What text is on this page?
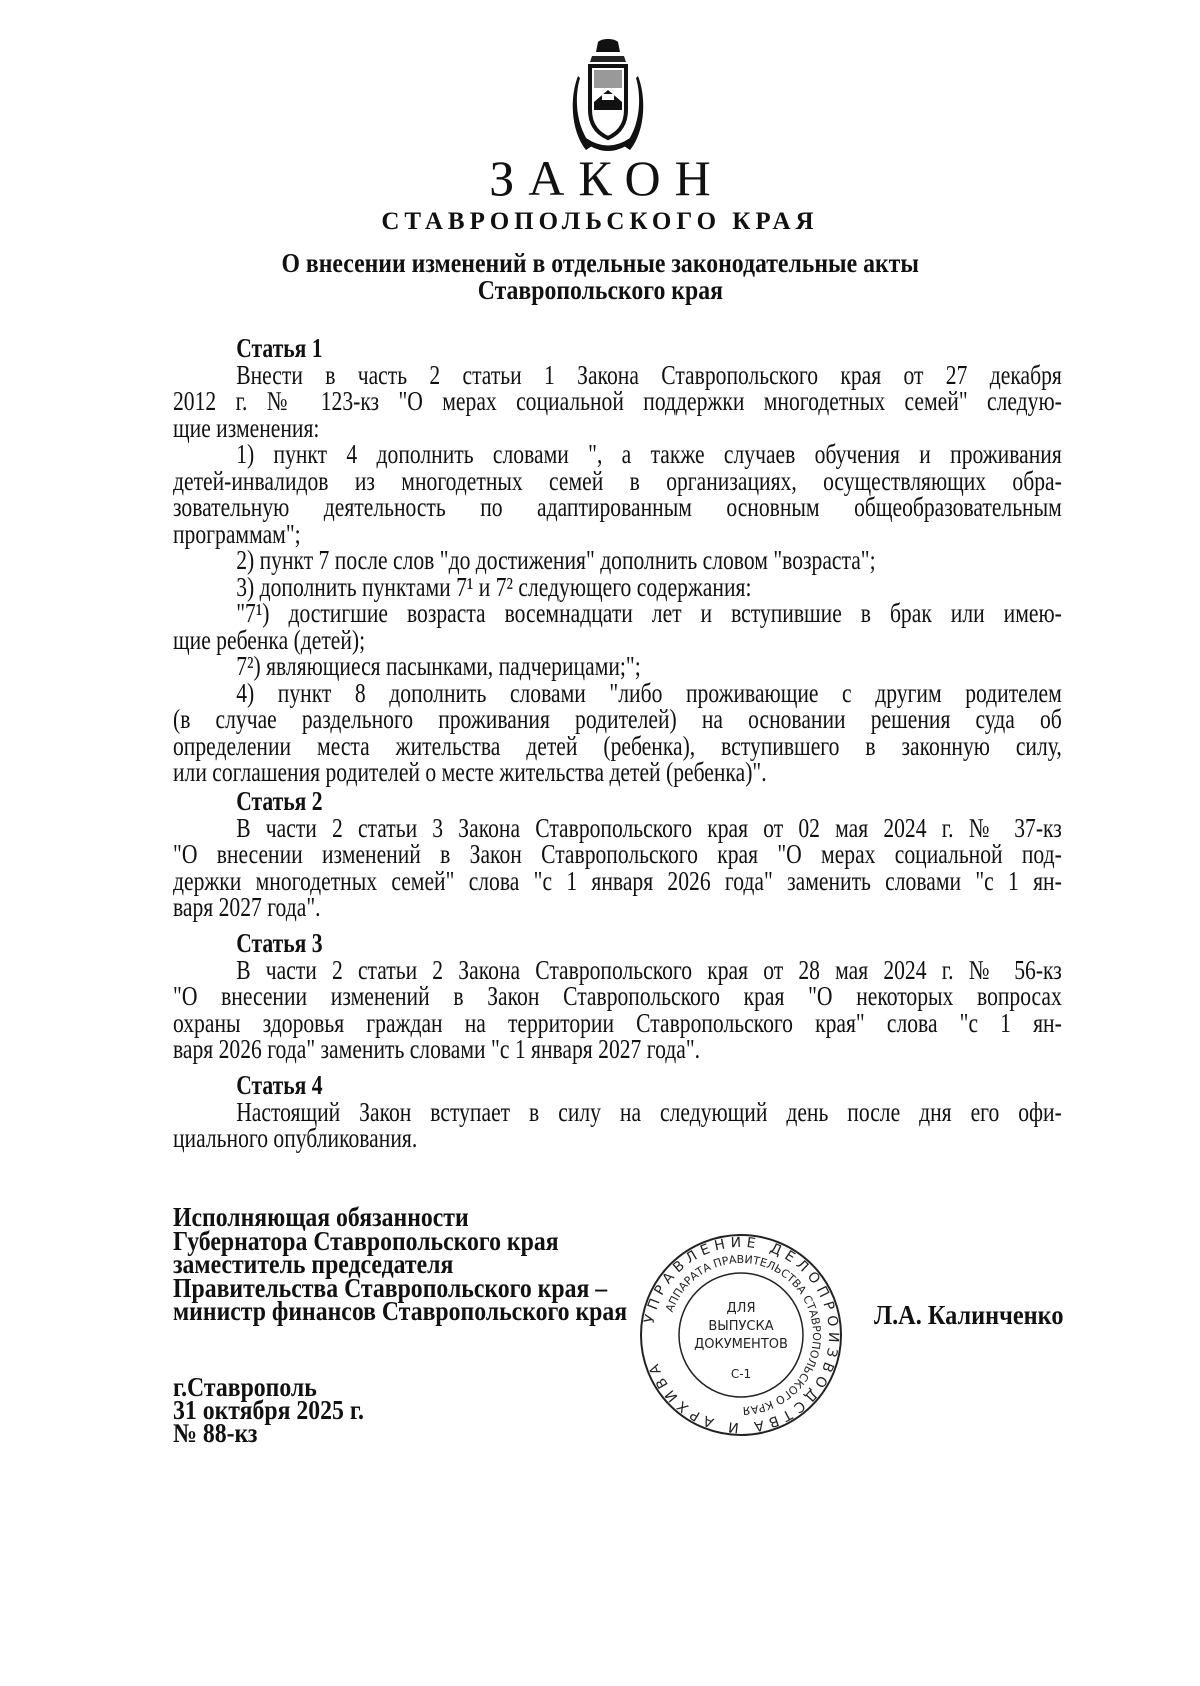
ЗАКОН
СТАВРОПОЛЬСКОГО КРАЯ
О внесении изменений в отдельные законодательные акты
Ставропольского края
Статья 1
Внести в часть 2 статьи 1 Закона Ставропольского края от 27 декабря
2012 г. № 123-кз "О мерах социальной поддержки многодетных семей" следую-
щие изменения:
1) пункт 4 дополнить словами ", а также случаев обучения и проживания
детей-инвалидов из многодетных семей в организациях, осуществляющих обра-
зовательную деятельность по адаптированным основным общеобразовательным
программам";
2) пункт 7 после слов "до достижения" дополнить словом "возраста";
3) дополнить пунктами 7¹ и 7² следующего содержания:
"7¹) достигшие возраста восемнадцати лет и вступившие в брак или имею-
щие ребенка (детей);
7²) являющиеся пасынками, падчерицами;";
4) пункт 8 дополнить словами "либо проживающие с другим родителем
(в случае раздельного проживания родителей) на основании решения суда об
определении места жительства детей (ребенка), вступившего в законную силу,
или соглашения родителей о месте жительства детей (ребенка)".
Статья 2
В части 2 статьи 3 Закона Ставропольского края от 02 мая 2024 г. № 37-кз
"О внесении изменений в Закон Ставропольского края "О мерах социальной под-
держки многодетных семей" слова "с 1 января 2026 года" заменить словами "с 1 ян-
варя 2027 года".
Статья 3
В части 2 статьи 2 Закона Ставропольского края от 28 мая 2024 г. № 56-кз
"О внесении изменений в Закон Ставропольского края "О некоторых вопросах
охраны здоровья граждан на территории Ставропольского края" слова "с 1 ян-
варя 2026 года" заменить словами "с 1 января 2027 года".
Статья 4
Настоящий Закон вступает в силу на следующий день после дня его офи-
циального опубликования.
Исполняющая обязанности
Губернатора Ставропольского края
заместитель председателя
Правительства Ставропольского края –
министр финансов Ставропольского края УПРАВЛЕНИЕ ДЕЛОПРОИЗВОДСТВА И АРХИВА
АППАРАТА ПРАВИТЕЛЬСТВА СТАВРОПОЛЬСКОГО КРАЯ
ДЛЯ
ВЫПУСКА
ДОКУМЕНТОВ
С-1
Л.А. Калинченко
г.Ставрополь
31 октября 2025 г.
№ 88-кз
